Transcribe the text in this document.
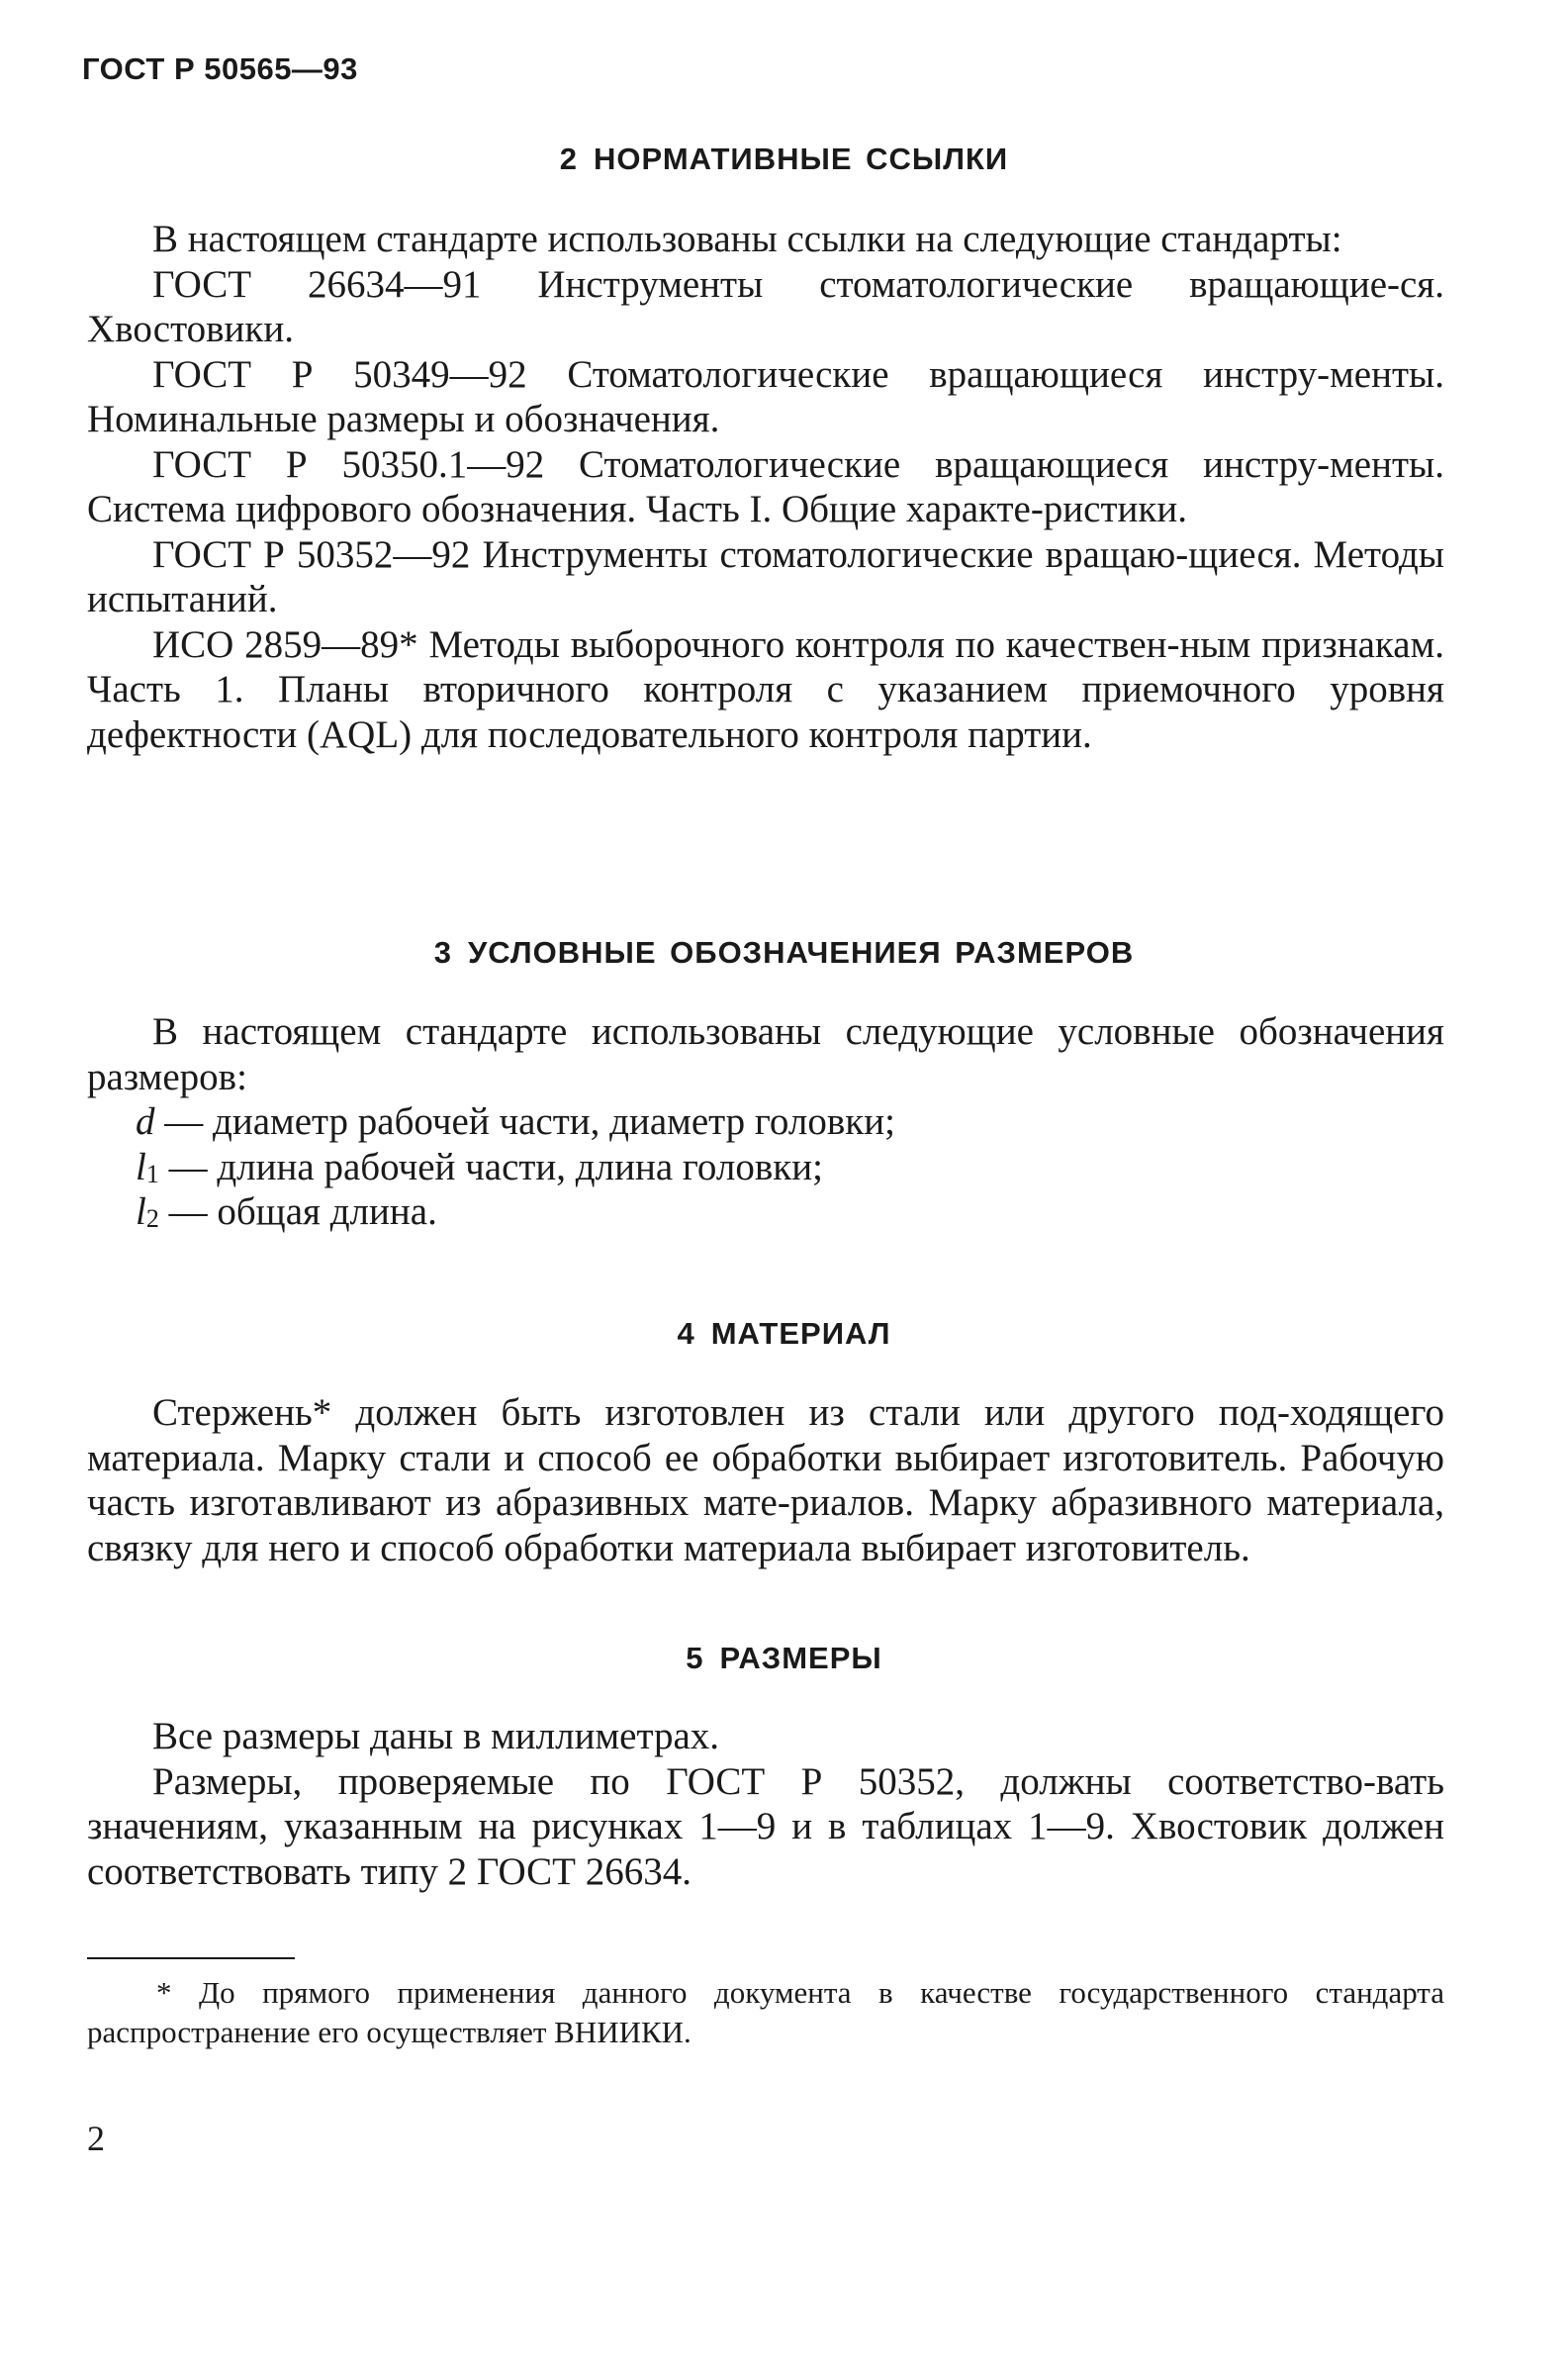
ГОСТ Р 50565—93
2 НОРМАТИВНЫЕ ССЫЛКИ

В настоящем стандарте использованы ссылки на следующие стандарты:

ГОСТ 26634—91 Инструменты стоматологические вращающие-ся. Хвостовики.

ГОСТ Р 50349—92 Стоматологические вращающиеся инстру-менты. Номинальные размеры и обозначения.

ГОСТ Р 50350.1—92 Стоматологические вращающиеся инстру-менты. Система цифрового обозначения. Часть I. Общие характе-ристики.

ГОСТ Р 50352—92 Инструменты стоматологические вращаю-щиеся. Методы испытаний.

ИСО 2859—89* Методы выборочного контроля по качествен-ным признакам. Часть 1. Планы вторичного контроля с указанием приемочного уровня дефектности (AQL) для последовательного контроля партии.

3 УСЛОВНЫЕ ОБОЗНАЧЕНИЕЯ РАЗМЕРОВ

В настоящем стандарте использованы следующие условные обозначения размеров:

d — диаметр рабочей части, диаметр головки;
$l_1$ — длина рабочей части, длина головки;
$l_2$ — общая длина.
4 МАТЕРИАЛ

Стержень* должен быть изготовлен из стали или другого под-ходящего материала. Марку стали и способ ее обработки выбирает изготовитель. Рабочую часть изготавливают из абразивных мате-риалов. Марку абразивного материала, связку для него и способ обработки материала выбирает изготовитель.

5 РАЗМЕРЫ

Все размеры даны в миллиметрах.

Размеры, проверяемые по ГОСТ Р 50352, должны соответство-вать значениям, указанным на рисунках 1—9 и в таблицах 1—9. Хвостовик должен соответствовать типу 2 ГОСТ 26634.

* До прямого применения данного документа в качестве государственного стандарта распространение его осуществляет ВНИИКИ.

2
